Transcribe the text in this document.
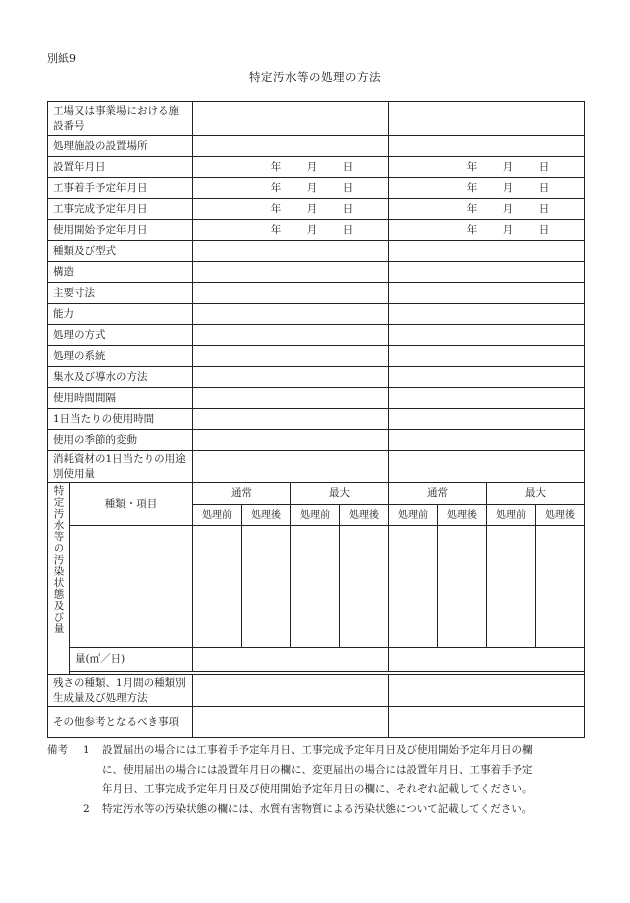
別紙9
特定汚水等の処理の方法
工場又は事業場における施設番号									
処理施設の設置場所									
設置年月日		年 月 日				年 月 日			

工事着手予定年月日		年 月 日				年 月 日			

工事完成予定年月日		年 月 日				年 月 日			

使用開始予定年月日		年 月 日				年 月 日			

種類及び型式									
構造									
主要寸法									
能力									
処理の方式									
処理の系統									
集水及び導水の方法									
使用時間間隔									
1日当たりの使用時間									
使用の季節的変動									
消耗資材の1日当たりの用途別使用量									
特定汚水等の汚染状態及び量	種類・項目	通常		最大		通常		最大	
		処理前	処理後	処理前	処理後	処理前	処理後	処理前	処理後

	量(㎥／日)								

残さの種類、1月間の種類別生成量及び処理方法									
その他参考となるべき事項									
備考	1	設置届出の場合には工事着手予定年月日、工事完成予定年月日及び使用開始予定年月日の欄
に、使用届出の場合には設置年月日の欄に、変更届出の場合には設置年月日、工事着手予定
年月日、工事完成予定年月日及び使用開始予定年月日の欄に、それぞれ記載してください。
2	特定汚水等の汚染状態の欄には、水質有害物質による汚染状態について記載してください。
